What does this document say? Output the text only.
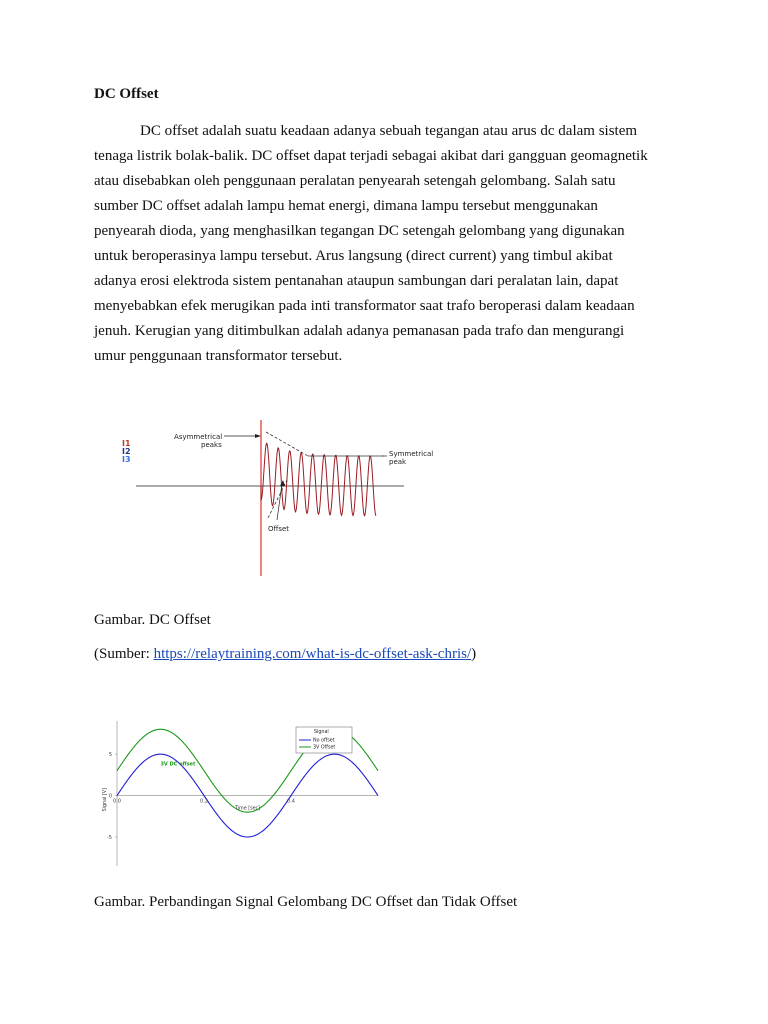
DC Offset
DC offset adalah suatu keadaan adanya sebuah tegangan atau arus dc dalam sistem
tenaga listrik bolak-balik. DC offset dapat terjadi sebagai akibat dari gangguan geomagnetik
atau disebabkan oleh penggunaan peralatan penyearah setengah gelombang. Salah satu
sumber DC offset adalah lampu hemat energi, dimana lampu tersebut menggunakan
penyearah dioda, yang menghasilkan tegangan DC setengah gelombang yang digunakan
untuk beroperasinya lampu tersebut. Arus langsung (direct current) yang timbul akibat
adanya erosi elektroda sistem pentanahan ataupun sambungan dari peralatan lain, dapat
menyebabkan efek merugikan pada inti transformator saat trafo beroperasi dalam keadaan
jenuh. Kerugian yang ditimbulkan adalah adanya pemanasan pada trafo dan mengurangi
umur penggunaan transformator tersebut.
Asymmetrical
peaks
Symmetrical
peak
Offset
I1
I2
I3

Gambar. DC Offset

(Sumber: https://relaytraining.com/what-is-dc-offset-ask-chris/)

5
0
-5
0.0	0.2	0.4
Time [sec]
Signal [V]
3V DC offset
Signal
No offset
3V Offset

Gambar. Perbandingan Signal Gelombang DC Offset dan Tidak Offset
